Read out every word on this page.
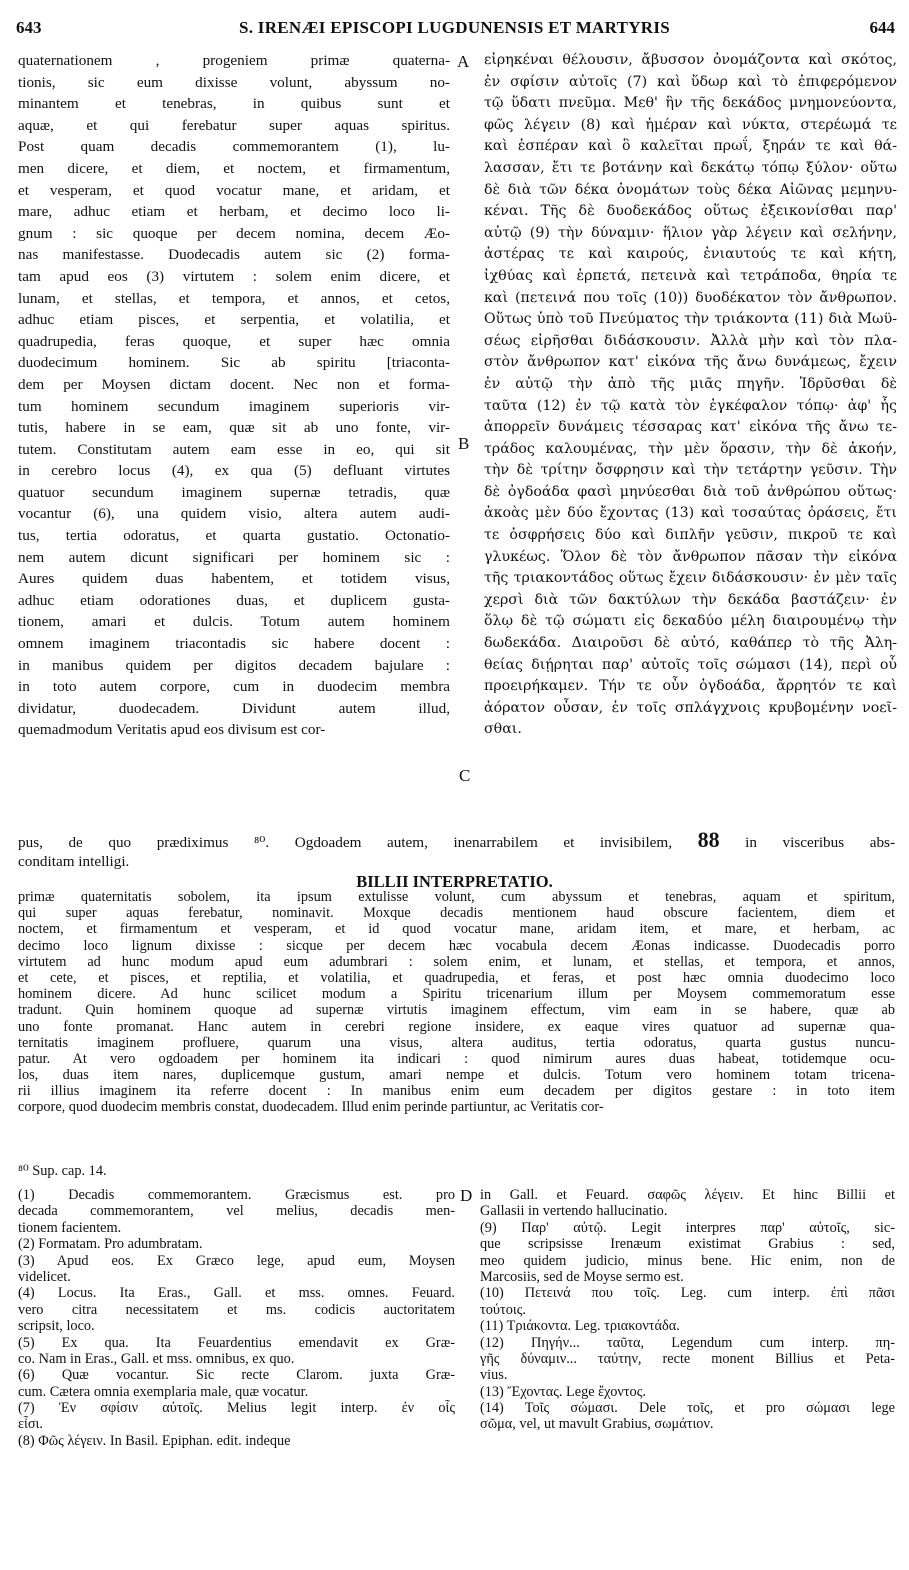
643	S. IRENÆI EPISCOPI LUGDUNENSIS ET MARTYRIS	644
quaternationem , progeniem primæ quaterna-
tionis, sic eum dixisse volunt, abyssum no-
minantem et tenebras, in quibus sunt et
aquæ, et qui ferebatur super aquas spiritus.
Post quam decadis commemorantem (1), lu-
men dicere, et diem, et noctem, et firmamentum,
et vesperam, et quod vocatur mane, et aridam, et
mare, adhuc etiam et herbam, et decimo loco li-
gnum : sic quoque per decem nomina, decem Æo-
nas manifestasse. Duodecadis autem sic (2) forma-
tam apud eos (3) virtutem : solem enim dicere, et
lunam, et stellas, et tempora, et annos, et cetos,
adhuc etiam pisces, et serpentia, et volatilia, et
quadrupedia, feras quoque, et super hæc omnia
duodecimum hominem. Sic ab spiritu [triaconta-
dem per Moysen dictam docent. Nec non et forma-
tum hominem secundum imaginem superioris vir-
tutis, habere in se eam, quæ sit ab uno fonte, vir-
tutem. Constitutam autem eam esse in eo, qui sit
in cerebro locus (4), ex qua (5) defluant virtutes
quatuor secundum imaginem supernæ tetradis, quæ
vocantur (6), una quidem visio, altera autem audi-
tus, tertia odoratus, et quarta gustatio. Octonatio-
nem autem dicunt significari per hominem sic :
Aures quidem duas habentem, et totidem visus,
adhuc etiam odorationes duas, et duplicem gusta-
tionem, amari et dulcis. Totum autem hominem
omnem imaginem triacontadis sic habere docent :
in manibus quidem per digitos decadem bajulare :
in toto autem corpore, cum in duodecim membra
dividatur, duodecadem. Dividunt autem illud,
quemadmodum Veritatis apud eos divisum est cor-
εἰρηκέναι θέλουσιν, ἄβυσσον ὀνομάζοντα καὶ σκότος,
ἐν σφίσιν αὐτοῖς (7) καὶ ὕδωρ καὶ τὸ ἐπιφερόμενον
τῷ ὕδατι πνεῦμα. Μεθ' ἣν τῆς δεκάδος μνημονεύοντα,
φῶς λέγειν (8) καὶ ἡμέραν καὶ νύκτα, στερέωμά τε
καὶ ἑσπέραν καὶ ὃ καλεῖται πρωΐ, ξηράν τε καὶ θά-
λασσαν, ἔτι τε βοτάνην καὶ δεκάτῳ τόπῳ ξύλον· οὕτω
δὲ διὰ τῶν δέκα ὀνομάτων τοὺς δέκα Αἰῶνας μεμηνυ-
κέναι. Τῆς δὲ δυοδεκάδος οὕτως ἐξεικονίσθαι παρ'
αὐτῷ (9) τὴν δύναμιν· ἥλιον γὰρ λέγειν καὶ σελήνην,
ἀστέρας τε καὶ καιρούς, ἐνιαυτούς τε καὶ κήτη,
ἰχθύας καὶ ἑρπετά, πετεινὰ καὶ τετράποδα, θηρία τε
καὶ (πετεινά που τοῖς (10)) δυοδέκατον τὸν ἄνθρωπον.
Οὕτως ὑπὸ τοῦ Πνεύματος τὴν τριάκοντα (11) διὰ Μωϋ-
σέως εἰρῆσθαι διδάσκουσιν. Ἀλλὰ μὴν καὶ τὸν πλα-
στὸν ἄνθρωπον κατ' εἰκόνα τῆς ἄνω δυνάμεως, ἔχειν
ἐν αὐτῷ τὴν ἀπὸ τῆς μιᾶς πηγῆν. Ἱδρῦσθαι δὲ
ταῦτα (12) ἐν τῷ κατὰ τὸν ἐγκέφαλον τόπῳ· ἀφ' ἧς
ἀπορρεῖν δυνάμεις τέσσαρας κατ' εἰκόνα τῆς ἄνω τε-
τράδος καλουμένας, τὴν μὲν ὅρασιν, τὴν δὲ ἀκοήν,
τὴν δὲ τρίτην ὄσφρησιν καὶ τὴν τετάρτην γεῦσιν. Τὴν
δὲ ὀγδοάδα φασὶ μηνύεσθαι διὰ τοῦ ἀνθρώπου οὕτως·
ἀκοὰς μὲν δύο ἔχοντας (13) καὶ τοσαύτας ὁράσεις, ἔτι
τε ὀσφρήσεις δύο καὶ διπλῆν γεῦσιν, πικροῦ τε καὶ
γλυκέως. Ὅλον δὲ τὸν ἄνθρωπον πᾶσαν τὴν εἰκόνα
τῆς τριακοντάδος οὕτως ἔχειν διδάσκουσιν· ἐν μὲν ταῖς
χερσὶ διὰ τῶν δακτύλων τὴν δεκάδα βαστάζειν· ἐν
ὅλῳ δὲ τῷ σώματι εἰς δεκαδύο μέλη διαιρουμένῳ τὴν
δωδεκάδα. Διαιροῦσι δὲ αὐτό, καθάπερ τὸ τῆς Ἀλη-
θείας διῄρηται παρ' αὐτοῖς τοῖς σώμασι (14), περὶ οὗ
προειρήκαμεν. Τήν τε οὖν ὀγδοάδα, ἄρρητόν τε καὶ
ἀόρατον οὖσαν, ἐν τοῖς σπλάγχνοις κρυβομένην νοεῖ-
σθαι.
A
B
C
D
pus, de quo prædiximus ⁸⁰. Ogdoadem autem, inenarrabilem et invisibilem, 88 in visceribus abs-
conditam intelligi.
BILLII INTERPRETATIO.
primæ quaternitatis sobolem, ita ipsum extulisse volunt, cum abyssum et tenebras, aquam et spiritum,
qui super aquas ferebatur, nominavit. Moxque decadis mentionem haud obscure facientem, diem et
noctem, et firmamentum et vesperam, et id quod vocatur mane, aridam item, et mare, et herbam, ac
decimo loco lignum dixisse : sicque per decem hæc vocabula decem Æonas indicasse. Duodecadis porro
virtutem ad hunc modum apud eum adumbrari : solem enim, et lunam, et stellas, et tempora, et annos,
et cete, et pisces, et reptilia, et volatilia, et quadrupedia, et feras, et post hæc omnia duodecimo loco
hominem dicere. Ad hunc scilicet modum a Spiritu tricenarium illum per Moysem commemoratum esse
tradunt. Quin hominem quoque ad supernæ virtutis imaginem effectum, vim eam in se habere, quæ ab
uno fonte promanat. Hanc autem in cerebri regione insidere, ex eaque vires quatuor ad supernæ qua-
ternitatis imaginem profluere, quarum una visus, altera auditus, tertia odoratus, quarta gustus nuncu-
patur. At vero ogdoadem per hominem ita indicari : quod nimirum aures duas habeat, totidemque ocu-
los, duas item nares, duplicemque gustum, amari nempe et dulcis. Totum vero hominem totam tricena-
rii illius imaginem ita referre docent : In manibus enim eum decadem per digitos gestare : in toto item
corpore, quod duodecim membris constat, duodecadem. Illud enim perinde partiuntur, ac Veritatis cor-
⁸⁰ Sup. cap. 14.
(1) Decadis commemorantem. Græcismus est. pro
decada commemorantem, vel melius, decadis men-
tionem facientem.
(2) Formatam. Pro adumbratam.
(3) Apud eos. Ex Græco lege, apud eum, Moysen
videlicet.
(4) Locus. Ita Eras., Gall. et mss. omnes. Feuard.
vero citra necessitatem et ms. codicis auctoritatem
scripsit, loco.
(5) Ex qua. Ita Feuardentius emendavit ex Græ-
co. Nam in Eras., Gall. et mss. omnibus, ex quo.
(6) Quæ vocantur. Sic recte Clarom. juxta Græ-
cum. Cætera omnia exemplaria male, quæ vocatur.
(7) Ἐν σφίσιν αὐτοῖς. Melius legit interp. ἐν οἷς
εἶσι.
(8) Φῶς λέγειν. In Basil. Epiphan. edit. indeque
in Gall. et Feuard. σαφῶς λέγειν. Et hinc Billii et
Gallasii in vertendo hallucinatio.
(9) Παρ' αὐτῷ. Legit interpres παρ' αὐτοῖς, sic-
que scripsisse Irenæum existimat Grabius : sed,
meo quidem judicio, minus bene. Hic enim, non de
Marcosiis, sed de Moyse sermo est.
(10) Πετεινά που τοῖς. Leg. cum interp. ἐπὶ πᾶσι
τούτοις.
(11) Τριάκοντα. Leg. τριακοντάδα.
(12) Πηγήν... ταῦτα, Legendum cum interp. πη-
γῆς δύναμιν... ταύτην, recte monent Billius et Peta-
vius.
(13) Ἔχοντας. Lege ἔχοντος.
(14) Τοῖς σώμασι. Dele τοῖς, et pro σώμασι lege
σῶμα, vel, ut mavult Grabius, σωμάτιον.
